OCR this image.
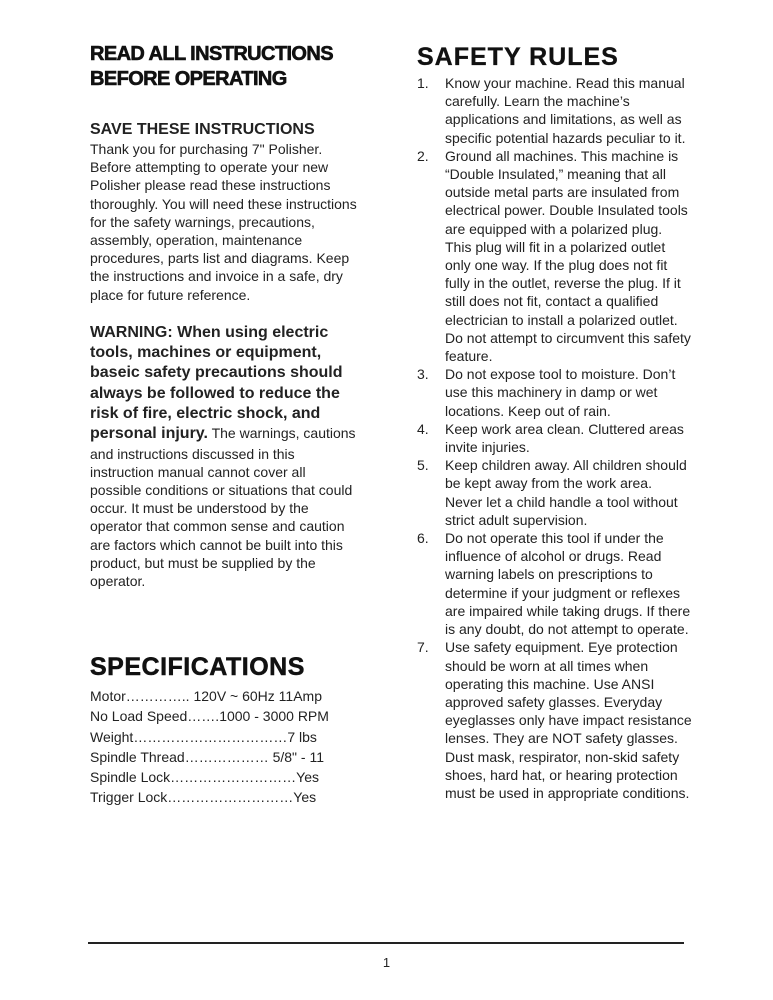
READ ALL INSTRUCTIONS
BEFORE OPERATING
SAVE THESE INSTRUCTIONS

Thank you for purchasing 7" Polisher. Before attempting to operate your new Polisher please read these instructions thoroughly. You will need these instructions for the safety warnings, precautions, assembly, operation, maintenance procedures, parts list and diagrams. Keep the instructions and invoice in a safe, dry place for future reference.

WARNING: When using electric tools, machines or equipment, baseic safety precautions should always be followed to reduce the risk of fire, electric shock, and personal injury. The warnings, cautions and instructions discussed in this instruction manual cannot cover all possible conditions or situations that could occur. It must be understood by the operator that common sense and caution are factors which cannot be built into this product, but must be supplied by the operator.

SPECIFICATIONS
Motor………….. 120V ~ 60Hz 11Amp
No Load Speed…….1000 - 3000 RPM
Weight……………………………7 lbs
Spindle Thread……………… 5/8" - 11
Spindle Lock………………………Yes
Trigger Lock………………………Yes
SAFETY RULES
1.	Know your machine. Read this manual carefully. Learn the machine’s applications and limitations, as well as specific potential hazards peculiar to it.
2.	Ground all machines. This machine is “Double Insulated,” meaning that all outside metal parts are insulated from electrical power. Double Insulated tools are equipped with a polarized plug. This plug will fit in a polarized outlet only one way. If the plug does not fit fully in the outlet, reverse the plug. If it still does not fit, contact a qualified electrician to install a polarized outlet. Do not attempt to circumvent this safety feature.
3.	Do not expose tool to moisture. Don’t use this machinery in damp or wet locations. Keep out of rain.
4.	Keep work area clean. Cluttered areas invite injuries.
5.	Keep children away. All children should be kept away from the work area. Never let a child handle a tool without strict adult supervision.
6.	Do not operate this tool if under the influence of alcohol or drugs. Read warning labels on prescriptions to determine if your judgment or reflexes are impaired while taking drugs. If there is any doubt, do not attempt to operate.
7.	Use safety equipment. Eye protection should be worn at all times when operating this machine. Use ANSI approved safety glasses. Everyday eyeglasses only have impact resistance lenses. They are NOT safety glasses. Dust mask, respirator, non-skid safety shoes, hard hat, or hearing protection must be used in appropriate conditions.
1
